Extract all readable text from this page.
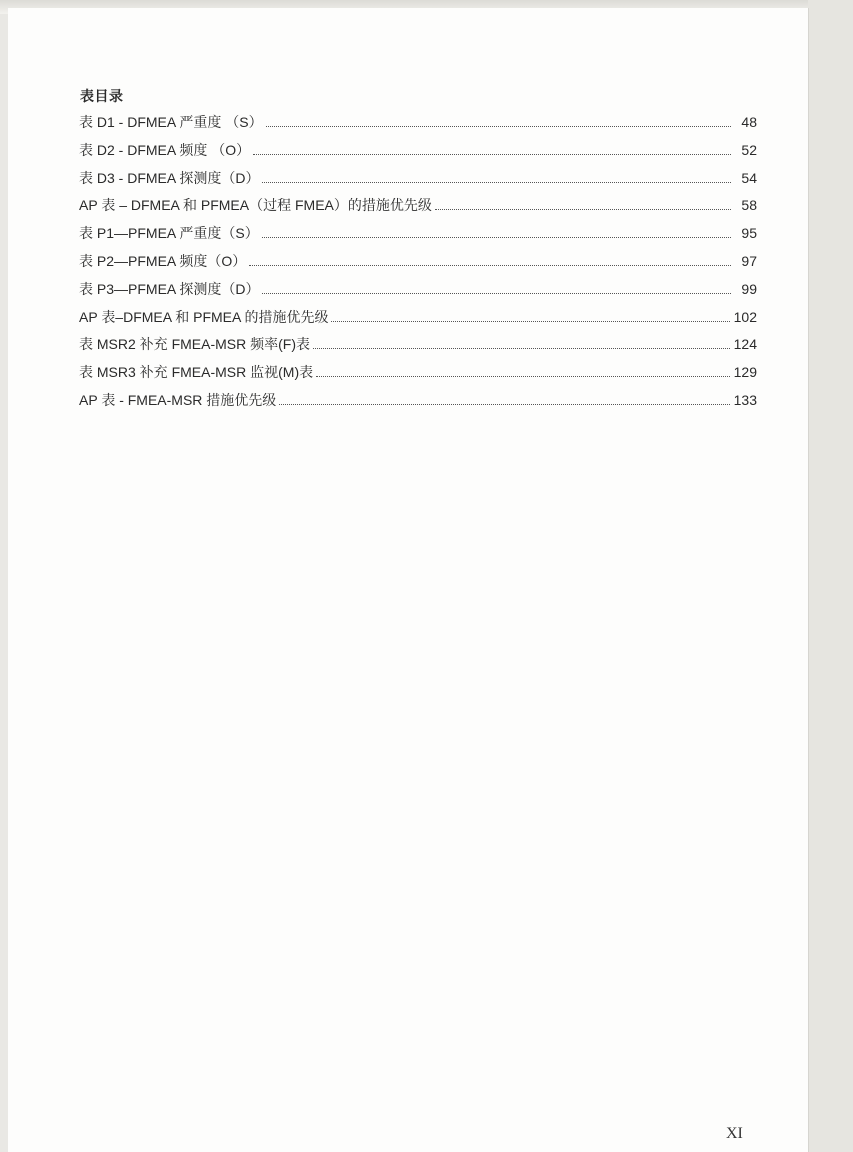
表目录
表 D1 - DFMEA 严重度 （S）	48
表 D2 - DFMEA 频度 （O）	52
表 D3 - DFMEA 探测度（D）	54
AP 表 – DFMEA 和 PFMEA（过程 FMEA）的措施优先级	58
表 P1—PFMEA 严重度（S）	95
表 P2—PFMEA 频度（O）	97
表 P3—PFMEA 探测度（D）	99
AP 表–DFMEA 和 PFMEA 的措施优先级	102
表 MSR2 补充 FMEA-MSR 频率(F)表	124
表 MSR3 补充 FMEA-MSR 监视(M)表	129
AP 表 - FMEA-MSR 措施优先级	133
XI
